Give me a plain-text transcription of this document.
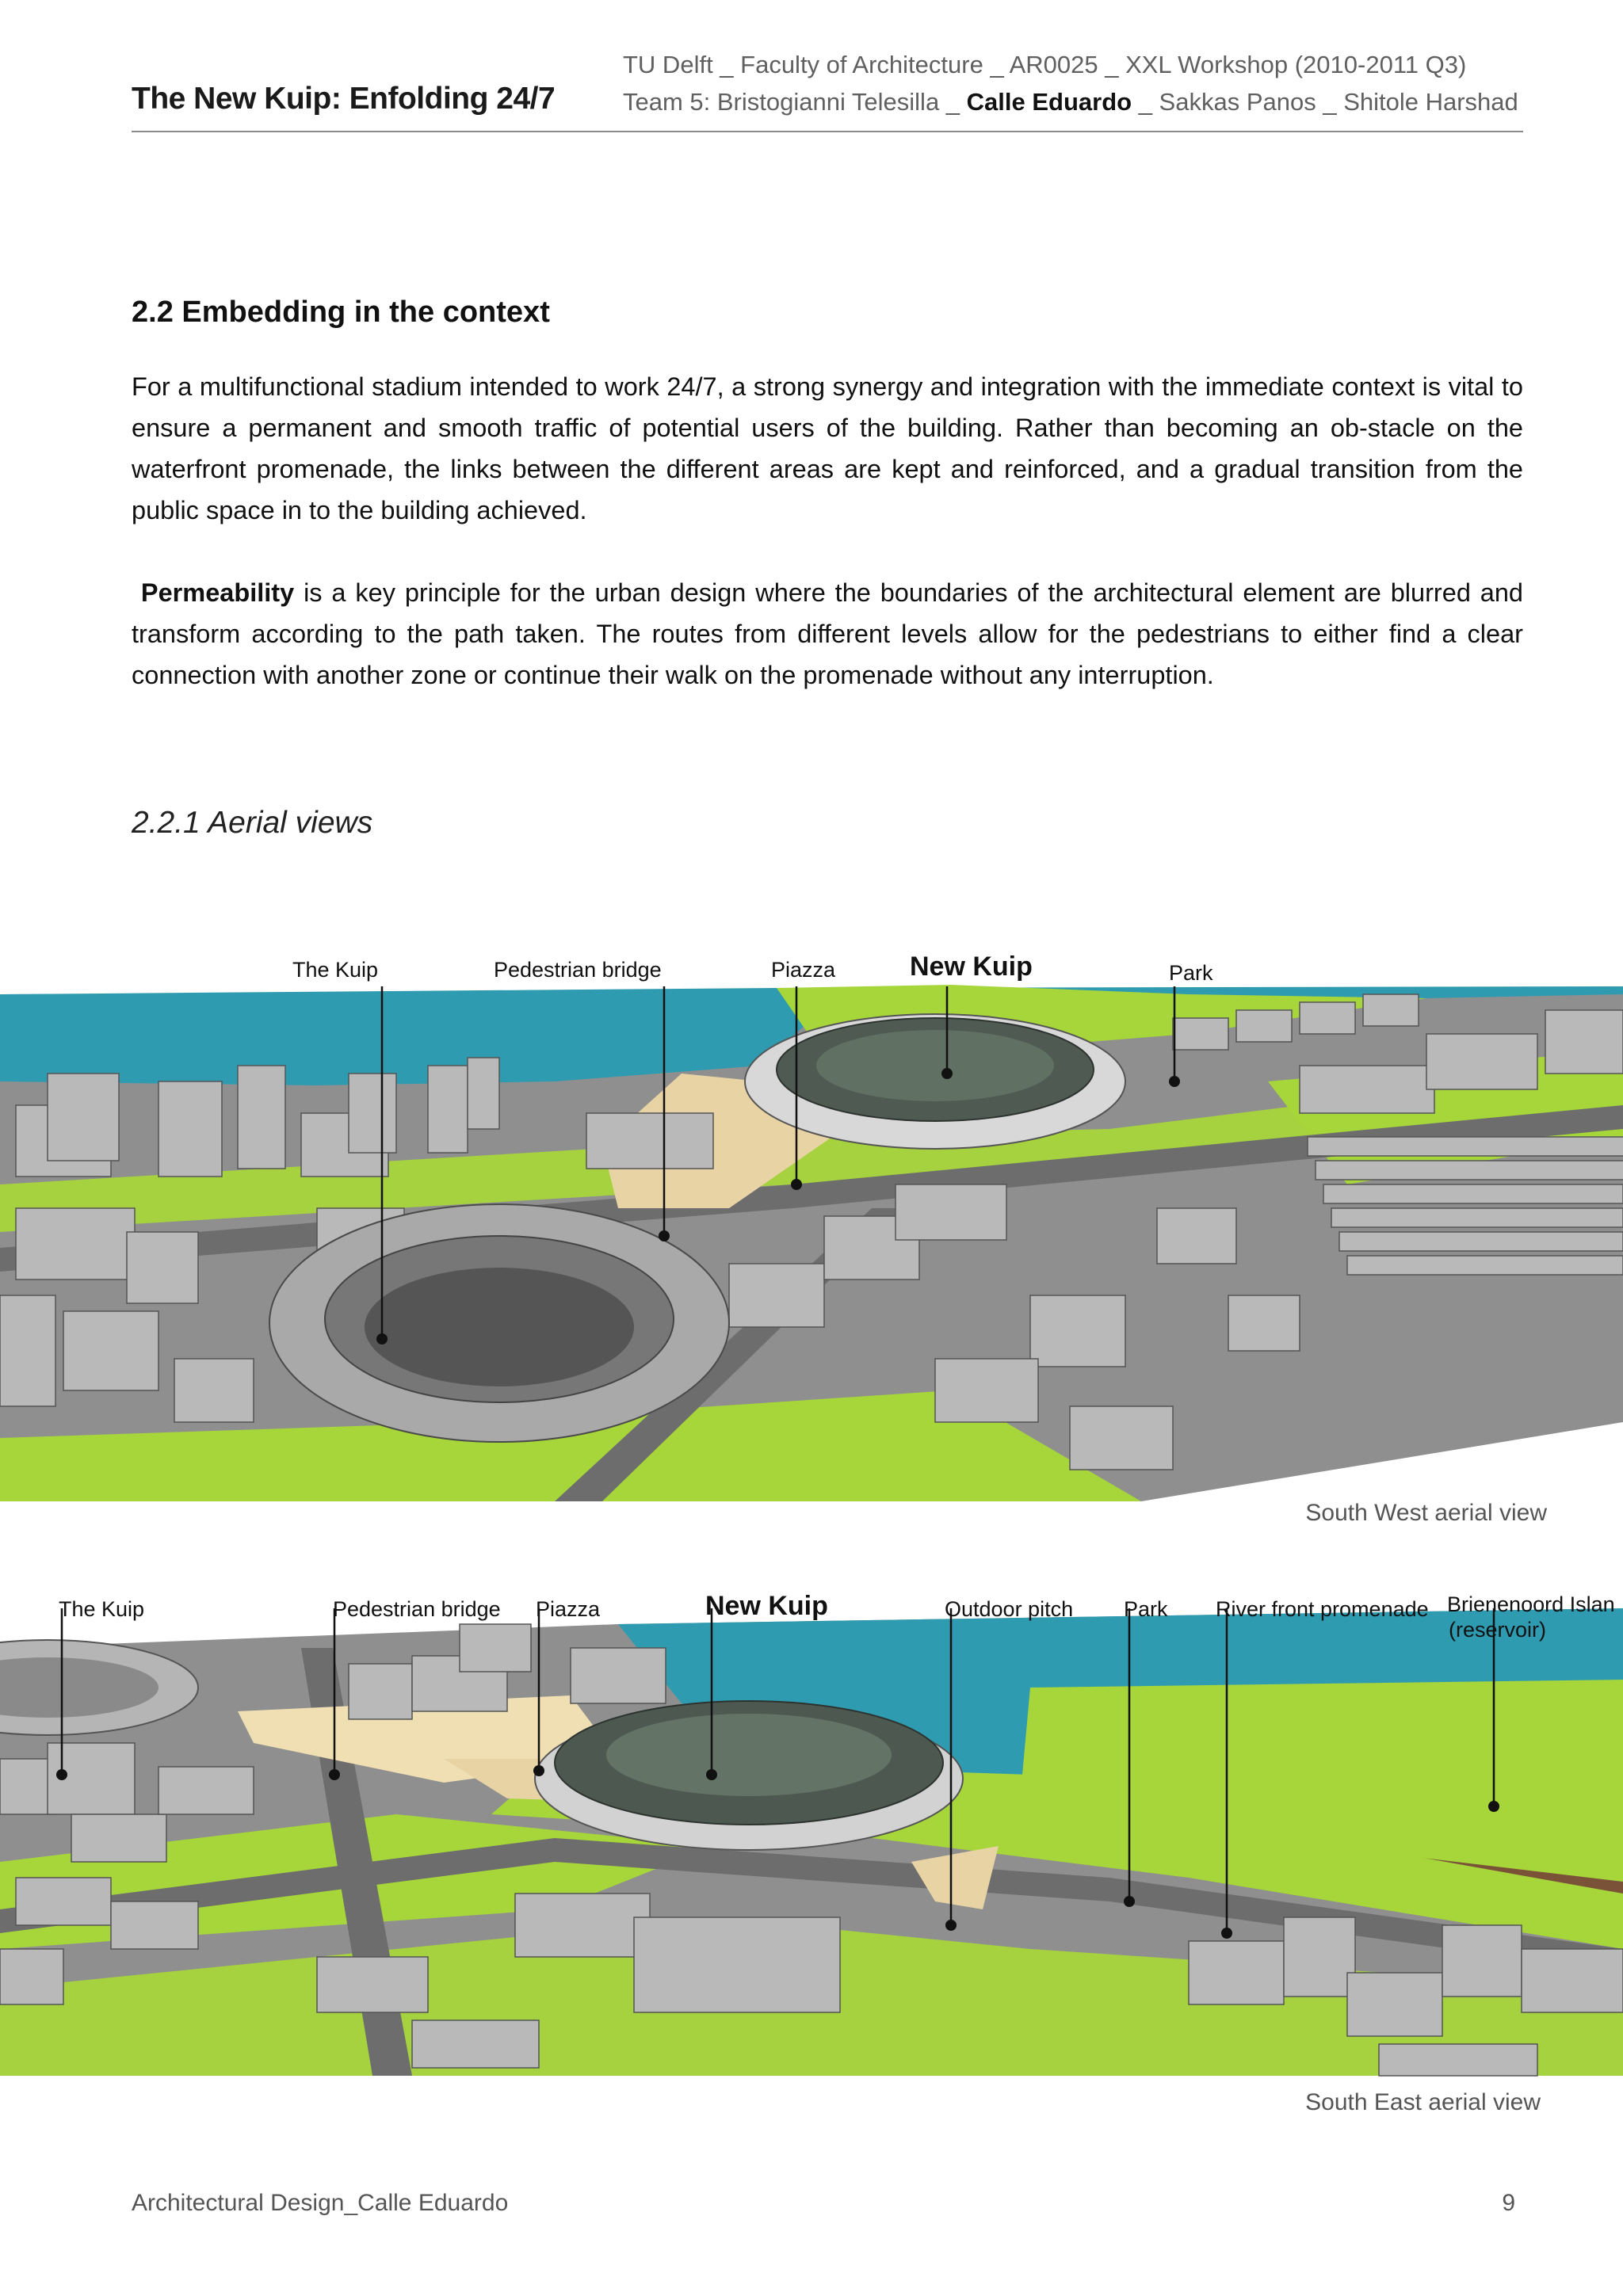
The New Kuip: Enfolding 24/7
TU Delft _ Faculty of Architecture _ AR0025 _ XXL Workshop (2010-2011 Q3)
Team 5: Bristogianni Telesilla _ Calle Eduardo _ Sakkas Panos _ Shitole Harshad
2.2 Embedding in the context
For a multifunctional stadium intended to work 24/7, a strong synergy and integration with the immediate context is vital to ensure a permanent and smooth traffic of potential users of the building. Rather than becoming an ob-stacle on the waterfront promenade, the links between the different areas are kept and reinforced, and a gradual transition from the public space in to the building achieved.
Permeability is a key principle for the urban design where the boundaries of the architectural element are blurred and transform according to the path taken. The routes from different levels allow for the pedestrians to either find a clear connection with another zone or continue their walk on the promenade without any interruption.
2.2.1 Aerial views
The Kuip	Pedestrian bridge	Piazza	New Kuip	Park
South West aerial view
The Kuip	Pedestrian bridge Piazza	New Kuip	Outdoor pitch Park River front promenade Brienenoord Islan
(reservoir)
South East aerial view
Architectural Design_Calle Eduardo	9
